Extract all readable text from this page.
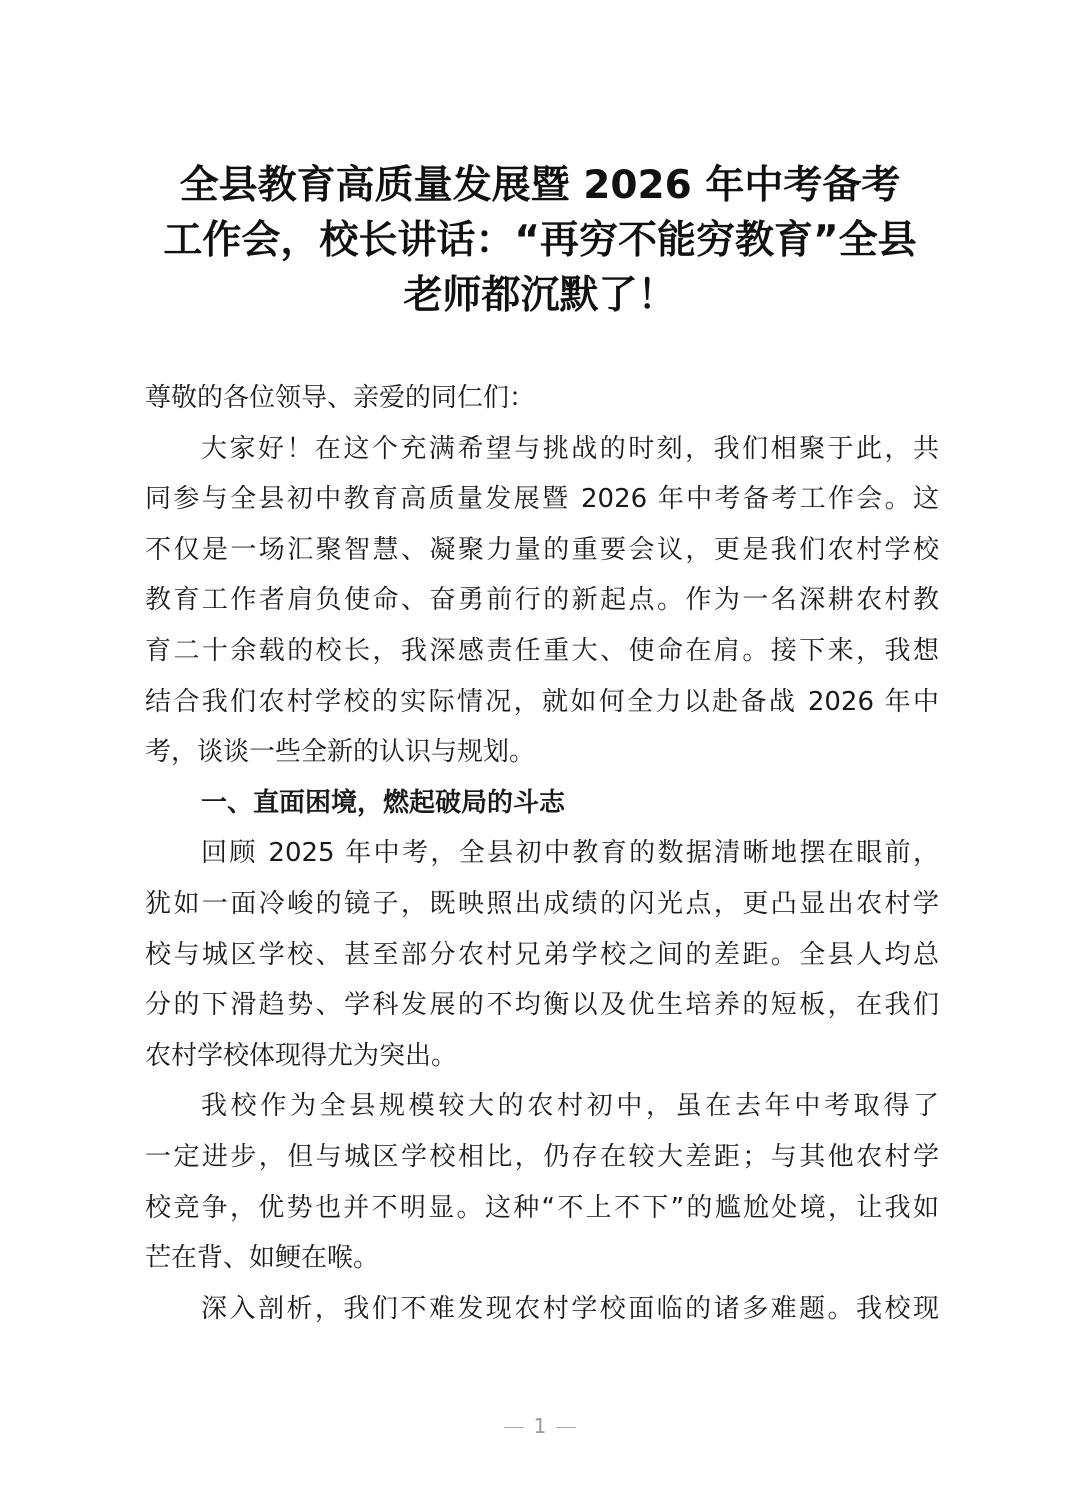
全县教育高质量发展暨 2026 年中考备考
工作会，校长讲话：“再穷不能穷教育”全县
老师都沉默了！
尊敬的各位领导、亲爱的同仁们：
大家好！在这个充满希望与挑战的时刻，我们相聚于此，共
同参与全县初中教育高质量发展暨 2026 年中考备考工作会。这
不仅是一场汇聚智慧、凝聚力量的重要会议，更是我们农村学校
教育工作者肩负使命、奋勇前行的新起点。作为一名深耕农村教
育二十余载的校长，我深感责任重大、使命在肩。接下来，我想
结合我们农村学校的实际情况，就如何全力以赴备战 2026 年中
考，谈谈一些全新的认识与规划。
一、直面困境，燃起破局的斗志
回顾 2025 年中考，全县初中教育的数据清晰地摆在眼前，
犹如一面冷峻的镜子，既映照出成绩的闪光点，更凸显出农村学
校与城区学校、甚至部分农村兄弟学校之间的差距。全县人均总
分的下滑趋势、学科发展的不均衡以及优生培养的短板，在我们
农村学校体现得尤为突出。
我校作为全县规模较大的农村初中，虽在去年中考取得了
一定进步，但与城区学校相比，仍存在较大差距；与其他农村学
校竞争，优势也并不明显。这种“不上不下”的尴尬处境，让我如
芒在背、如鲠在喉。
深入剖析，我们不难发现农村学校面临的诸多难题。我校现
1
